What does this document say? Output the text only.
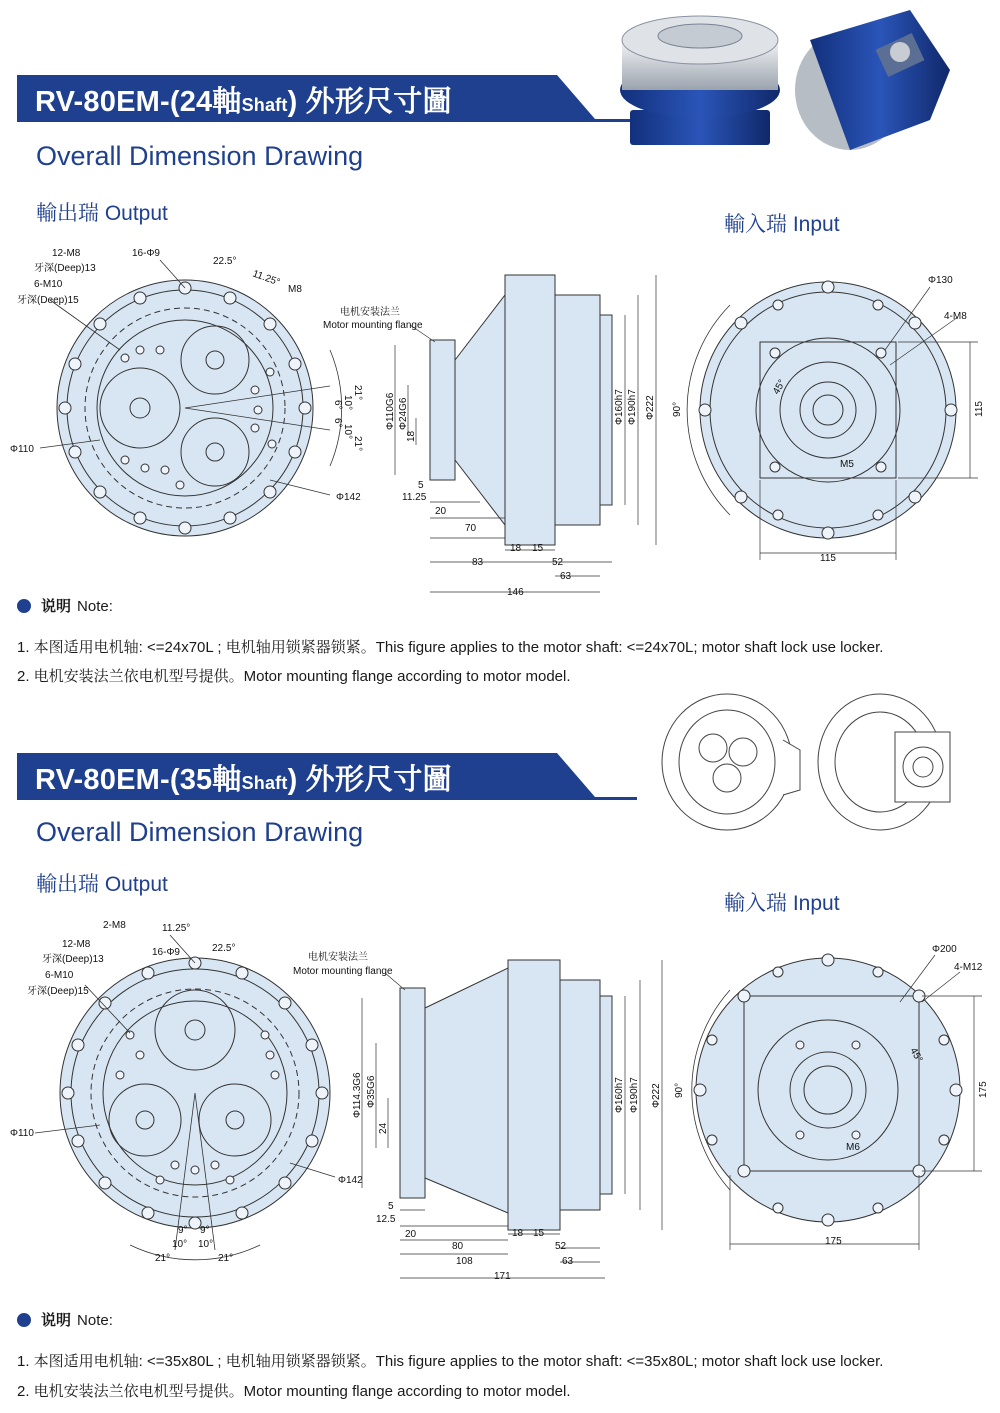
RV-80EM-(24軸Shaft) 外形尺寸圖
Overall Dimension Drawing
輸出瑞 Output	輸入瑞 Input
12-M8
牙深(Deep)13
6-M10
牙深(Deep)15
16-Φ9
22.5°
11.25°
M8
Φ110
Φ142
21°
10°
6°
6°
10°
21°
电机安装法兰
Motor mounting flange
Φ110G6 Φ24G6
18
Φ160h7 Φ190h7 Φ222
5
11.25
20
70
18 15
83	52
63
146
Φ130
4-M8
45°
90°
M5
115
115
说明 Note:
1. 本图适用电机轴: <=24x70L ; 电机轴用锁紧器锁紧。This figure applies to the motor shaft: <=24x70L; motor shaft lock use locker.
2. 电机安装法兰依电机型号提供。Motor mounting flange according to motor model.
RV-80EM-(35軸Shaft) 外形尺寸圖
Overall Dimension Drawing
輸出瑞 Output
輸入瑞 Input
2-M8	11.25°
12-M8
牙深(Deep)13
16-Φ9	22.5°
6-M10
牙深(Deep)15
Φ110
Φ142
9° 9°
10° 10°
21°	21°
电机安装法兰
Motor mounting flange
Φ114.3G6 Φ35G6
24
Φ160h7 Φ190h7 Φ222
5
12.5
20
80
18 15
108
52
63
171
Φ200
4-M12
45°
90°
M6
175
175
说明 Note:
1. 本图适用电机轴: <=35x80L ; 电机轴用锁紧器锁紧。This figure applies to the motor shaft: <=35x80L; motor shaft lock use locker.
2. 电机安装法兰依电机型号提供。Motor mounting flange according to motor model.
